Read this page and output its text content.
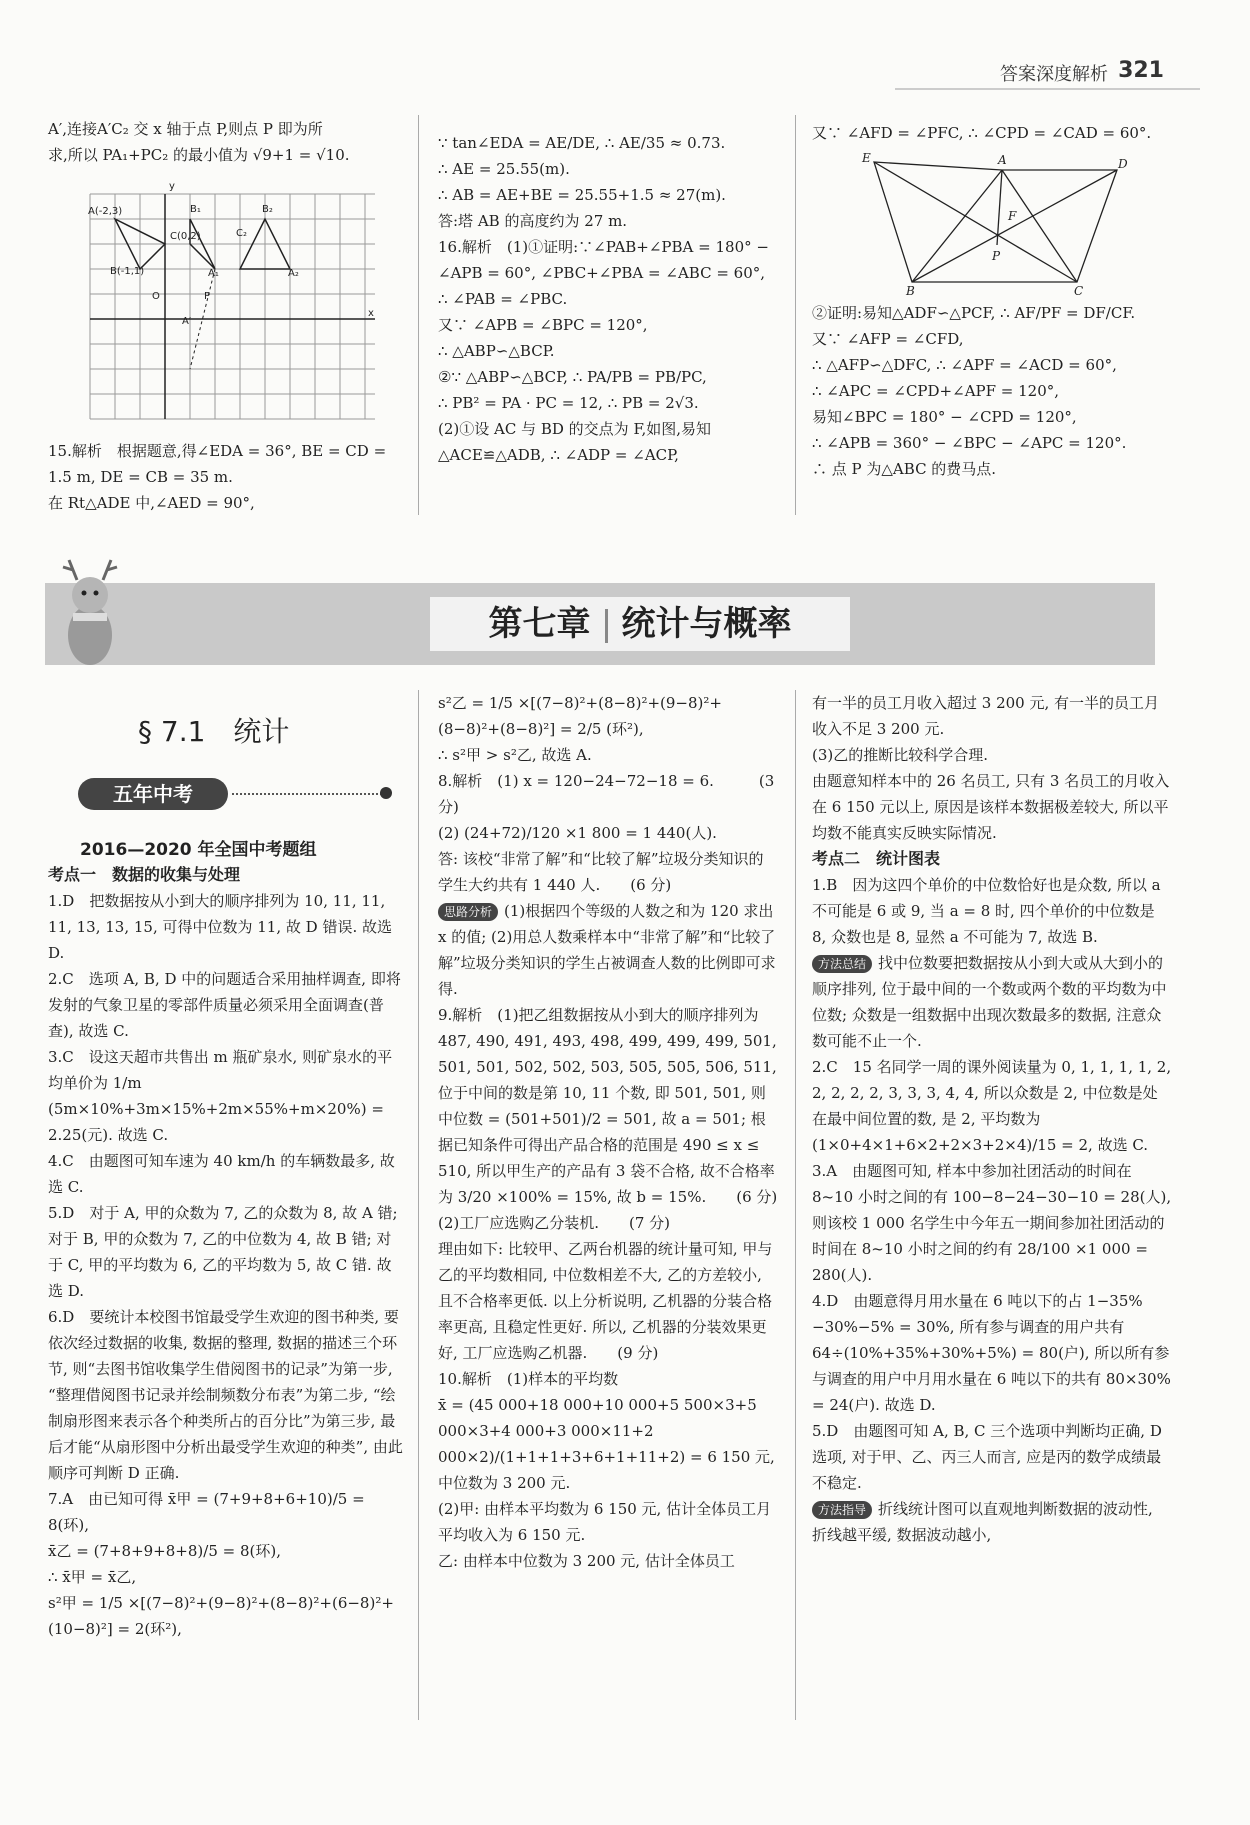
答案深度解析 321

A′,连接A′C₂ 交 x 轴于点 P,则点 P 即为所

求,所以 PA₁+PC₂ 的最小值为 √9+1 = √10.

A(-2,3)	B₁	B₂
C(0,2)	C₂
B(-1,1)	A₁	A₂
O	P
A′
y
x

15.解析　根据题意,得∠EDA = 36°, BE = CD =

1.5 m, DE = CB = 35 m.

在 Rt△ADE 中,∠AED = 90°,

∵ tan∠EDA = AE/DE, ∴ AE/35 ≈ 0.73.

∴ AE = 25.55(m).

∴ AB = AE+BE = 25.55+1.5 ≈ 27(m).

答:塔 AB 的高度约为 27 m.

16.解析　(1)①证明:∵∠PAB+∠PBA = 180° −

∠APB = 60°, ∠PBC+∠PBA = ∠ABC = 60°,

∴ ∠PAB = ∠PBC.

又∵ ∠APB = ∠BPC = 120°,

∴ △ABP∽△BCP.

②∵ △ABP∽△BCP, ∴ PA/PB = PB/PC,

∴ PB² = PA · PC = 12, ∴ PB = 2√3.

(2)①设 AC 与 BD 的交点为 F,如图,易知

△ACE≌△ADB, ∴ ∠ADP = ∠ACP,

又∵ ∠AFD = ∠PFC, ∴ ∠CPD = ∠CAD = 60°.

E	A	D
F
P
B	C

②证明:易知△ADF∽△PCF, ∴ AF/PF = DF/CF.

又∵ ∠AFP = ∠CFD,

∴ △AFP∽△DFC, ∴ ∠APF = ∠ACD = 60°,

∴ ∠APC = ∠CPD+∠APF = 120°,

易知∠BPC = 180° − ∠CPD = 120°,

∴ ∠APB = 360° − ∠BPC − ∠APC = 120°.

∴ 点 P 为△ABC 的费马点.

第七章 统计与概率
§ 7.1　统计
五年中考
2016—2020 年全国中考题组

考点一　数据的收集与处理

1.D　把数据按从小到大的顺序排列为 10, 11, 11, 11, 13, 13, 15, 可得中位数为 11, 故 D 错误. 故选 D.

2.C　选项 A, B, D 中的问题适合采用抽样调查, 即将发射的气象卫星的零部件质量必须采用全面调查(普查), 故选 C.

3.C　设这天超市共售出 m 瓶矿泉水, 则矿泉水的平均单价为 1/m (5m×10%+3m×15%+2m×55%+m×20%) = 2.25(元). 故选 C.

4.C　由题图可知车速为 40 km/h 的车辆数最多, 故选 C.

5.D　对于 A, 甲的众数为 7, 乙的众数为 8, 故 A 错; 对于 B, 甲的众数为 7, 乙的中位数为 4, 故 B 错; 对于 C, 甲的平均数为 6, 乙的平均数为 5, 故 C 错. 故选 D.

6.D　要统计本校图书馆最受学生欢迎的图书种类, 要依次经过数据的收集, 数据的整理, 数据的描述三个环节, 则“去图书馆收集学生借阅图书的记录”为第一步, “整理借阅图书记录并绘制频数分布表”为第二步, “绘制扇形图来表示各个种类所占的百分比”为第三步, 最后才能“从扇形图中分析出最受学生欢迎的种类”, 由此顺序可判断 D 正确.

7.A　由已知可得 x̄甲 = (7+9+8+6+10)/5 = 8(环),

x̄乙 = (7+8+9+8+8)/5 = 8(环),

∴ x̄甲 = x̄乙,

s²甲 = 1/5 ×[(7−8)²+(9−8)²+(8−8)²+(6−8)²+(10−8)²] = 2(环²),

s²乙 = 1/5 ×[(7−8)²+(8−8)²+(9−8)²+(8−8)²+(8−8)²] = 2/5 (环²),

∴ s²甲 > s²乙, 故选 A.

8.解析　(1) x = 120−24−72−18 = 6.　　　(3 分)

(2) (24+72)/120 ×1 800 = 1 440(人).

答: 该校“非常了解”和“比较了解”垃圾分类知识的学生大约共有 1 440 人.　　(6 分)

思路分析 (1)根据四个等级的人数之和为 120 求出 x 的值; (2)用总人数乘样本中“非常了解”和“比较了解”垃圾分类知识的学生占被调查人数的比例即可求得.

9.解析　(1)把乙组数据按从小到大的顺序排列为 487, 490, 491, 493, 498, 499, 499, 499, 501, 501, 501, 502, 502, 503, 505, 505, 506, 511, 位于中间的数是第 10, 11 个数, 即 501, 501, 则中位数 = (501+501)/2 = 501, 故 a = 501; 根据已知条件可得出产品合格的范围是 490 ≤ x ≤ 510, 所以甲生产的产品有 3 袋不合格, 故不合格率为 3/20 ×100% = 15%, 故 b = 15%.　　(6 分)

(2)工厂应选购乙分装机.　　(7 分)

理由如下: 比较甲、乙两台机器的统计量可知, 甲与乙的平均数相同, 中位数相差不大, 乙的方差较小, 且不合格率更低. 以上分析说明, 乙机器的分装合格率更高, 且稳定性更好. 所以, 乙机器的分装效果更好, 工厂应选购乙机器.　　(9 分)

10.解析　(1)样本的平均数

x̄ = (45 000+18 000+10 000+5 500×3+5 000×3+4 000+3 000×11+2 000×2)/(1+1+1+3+6+1+11+2) = 6 150 元, 中位数为 3 200 元.

(2)甲: 由样本平均数为 6 150 元, 估计全体员工月平均收入为 6 150 元.

乙: 由样本中位数为 3 200 元, 估计全体员工

有一半的员工月收入超过 3 200 元, 有一半的员工月收入不足 3 200 元.

(3)乙的推断比较科学合理.

由题意知样本中的 26 名员工, 只有 3 名员工的月收入在 6 150 元以上, 原因是该样本数据极差较大, 所以平均数不能真实反映实际情况.

考点二　统计图表

1.B　因为这四个单价的中位数恰好也是众数, 所以 a 不可能是 6 或 9, 当 a = 8 时, 四个单价的中位数是 8, 众数也是 8, 显然 a 不可能为 7, 故选 B.

方法总结 找中位数要把数据按从小到大或从大到小的顺序排列, 位于最中间的一个数或两个数的平均数为中位数; 众数是一组数据中出现次数最多的数据, 注意众数可能不止一个.

2.C　15 名同学一周的课外阅读量为 0, 1, 1, 1, 1, 2, 2, 2, 2, 2, 3, 3, 3, 4, 4, 所以众数是 2, 中位数是处在最中间位置的数, 是 2, 平均数为 (1×0+4×1+6×2+2×3+2×4)/15 = 2, 故选 C.

3.A　由题图可知, 样本中参加社团活动的时间在 8~10 小时之间的有 100−8−24−30−10 = 28(人), 则该校 1 000 名学生中今年五一期间参加社团活动的时间在 8~10 小时之间的约有 28/100 ×1 000 = 280(人).

4.D　由题意得月用水量在 6 吨以下的占 1−35%−30%−5% = 30%, 所有参与调查的用户共有 64÷(10%+35%+30%+5%) = 80(户), 所以所有参与调查的用户中月用水量在 6 吨以下的共有 80×30% = 24(户). 故选 D.

5.D　由题图可知 A, B, C 三个选项中判断均正确, D 选项, 对于甲、乙、丙三人而言, 应是丙的数学成绩最不稳定.

方法指导 折线统计图可以直观地判断数据的波动性, 折线越平缓, 数据波动越小,
